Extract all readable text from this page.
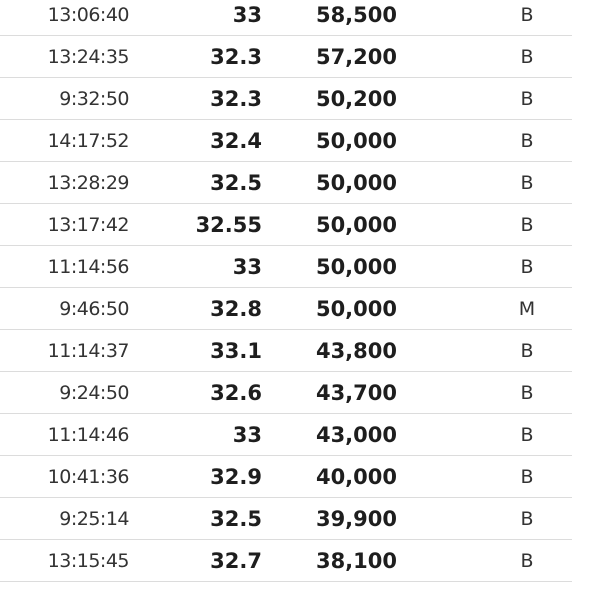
13:06:40	33	58,500	B
13:24:35	32.3	57,200	B
9:32:50	32.3	50,200	B
14:17:52	32.4	50,000	B
13:28:29	32.5	50,000	B
13:17:42	32.55	50,000	B
11:14:56	33	50,000	B
9:46:50	32.8	50,000	M
11:14:37	33.1	43,800	B
9:24:50	32.6	43,700	B
11:14:46	33	43,000	B
10:41:36	32.9	40,000	B
9:25:14	32.5	39,900	B
13:15:45	32.7	38,100	B
